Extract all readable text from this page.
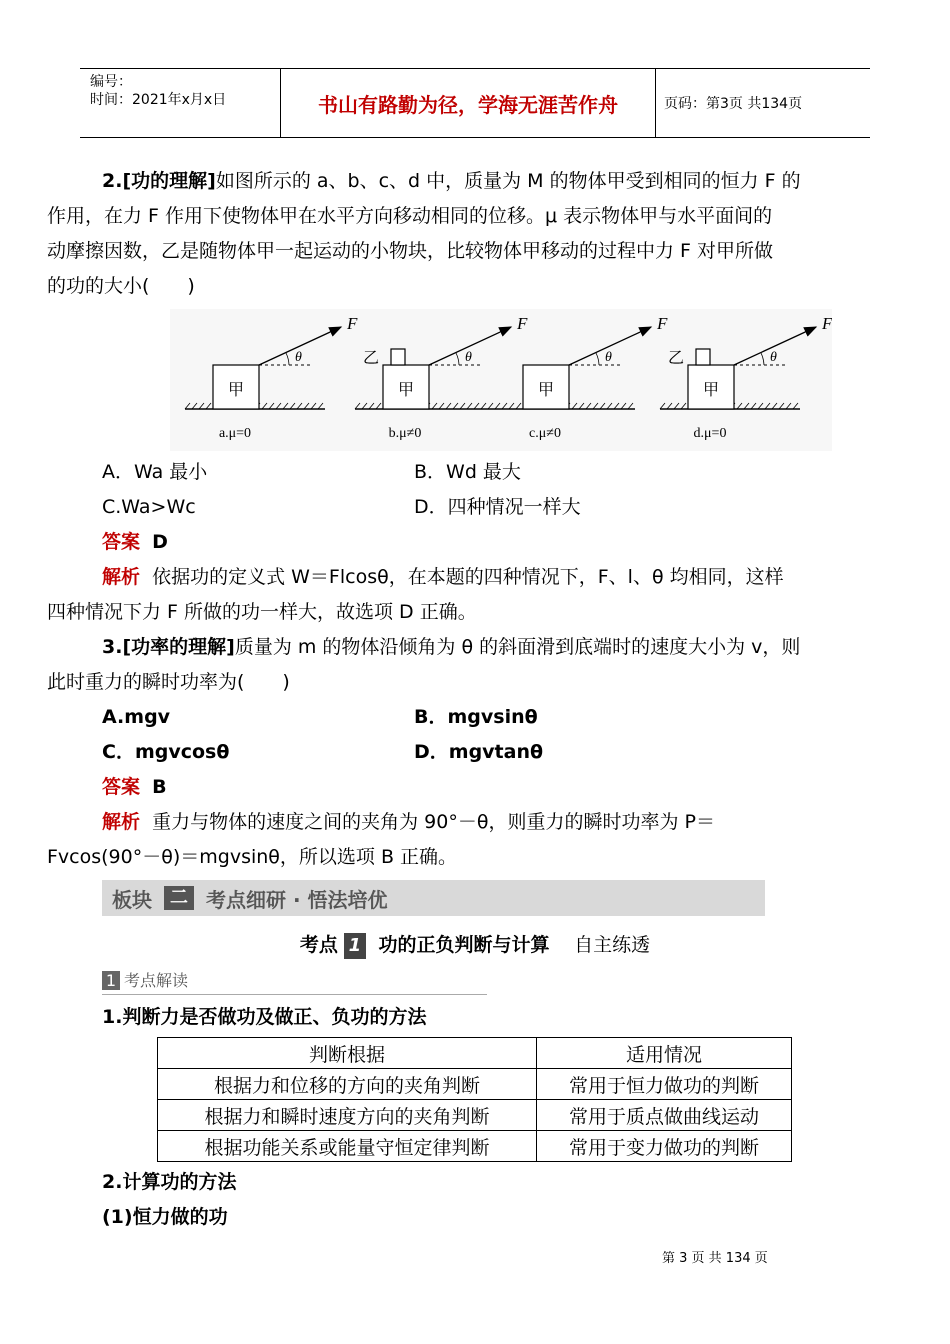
编号：
时间：2021年x月x日	书山有路勤为径，学海无涯苦作舟	页码：第3页 共134页
2.[功的理解]如图所示的 a、b、c、d 中，质量为 M 的物体甲受到相同的恒力 F 的
作用，在力 F 作用下使物体甲在水平方向移动相同的位移。μ 表示物体甲与水平面间的
动摩擦因数，乙是随物体甲一起运动的小物块，比较物体甲移动的过程中力 F 对甲所做
的功的大小(　　)
甲
θ
F
a.μ=0
甲
乙	θ
F
b.μ≠0
甲
θ
F
c.μ≠0
甲
乙	θ
F
d.μ=0
A．Wa 最小	B．Wd 最大
C.Wa>Wc	D．四种情况一样大
答案 D
解析 依据功的定义式 W＝Flcosθ，在本题的四种情况下，F、l、θ 均相同，这样
四种情况下力 F 所做的功一样大，故选项 D 正确。
3.[功率的理解]质量为 m 的物体沿倾角为 θ 的斜面滑到底端时的速度大小为 v，则
此时重力的瞬时功率为(　　)
A.mgv	B．mgvsinθ
C．mgvcosθ	D．mgvtanθ
答案 B
解析 重力与物体的速度之间的夹角为 90°－θ，则重力的瞬时功率为 P＝
Fvcos(90°－θ)＝mgvsinθ，所以选项 B 正确。
板块	二 考点细研 · 悟法培优
考点 1 功的正负判断与计算 自主练透
1 考点解读
1.判断力是否做功及做正、负功的方法
判断根据	适用情况
根据力和位移的方向的夹角判断	常用于恒力做功的判断
根据力和瞬时速度方向的夹角判断	常用于质点做曲线运动
根据功能关系或能量守恒定律判断	常用于变力做功的判断
2.计算功的方法
(1)恒力做的功
第 3 页 共 134 页
